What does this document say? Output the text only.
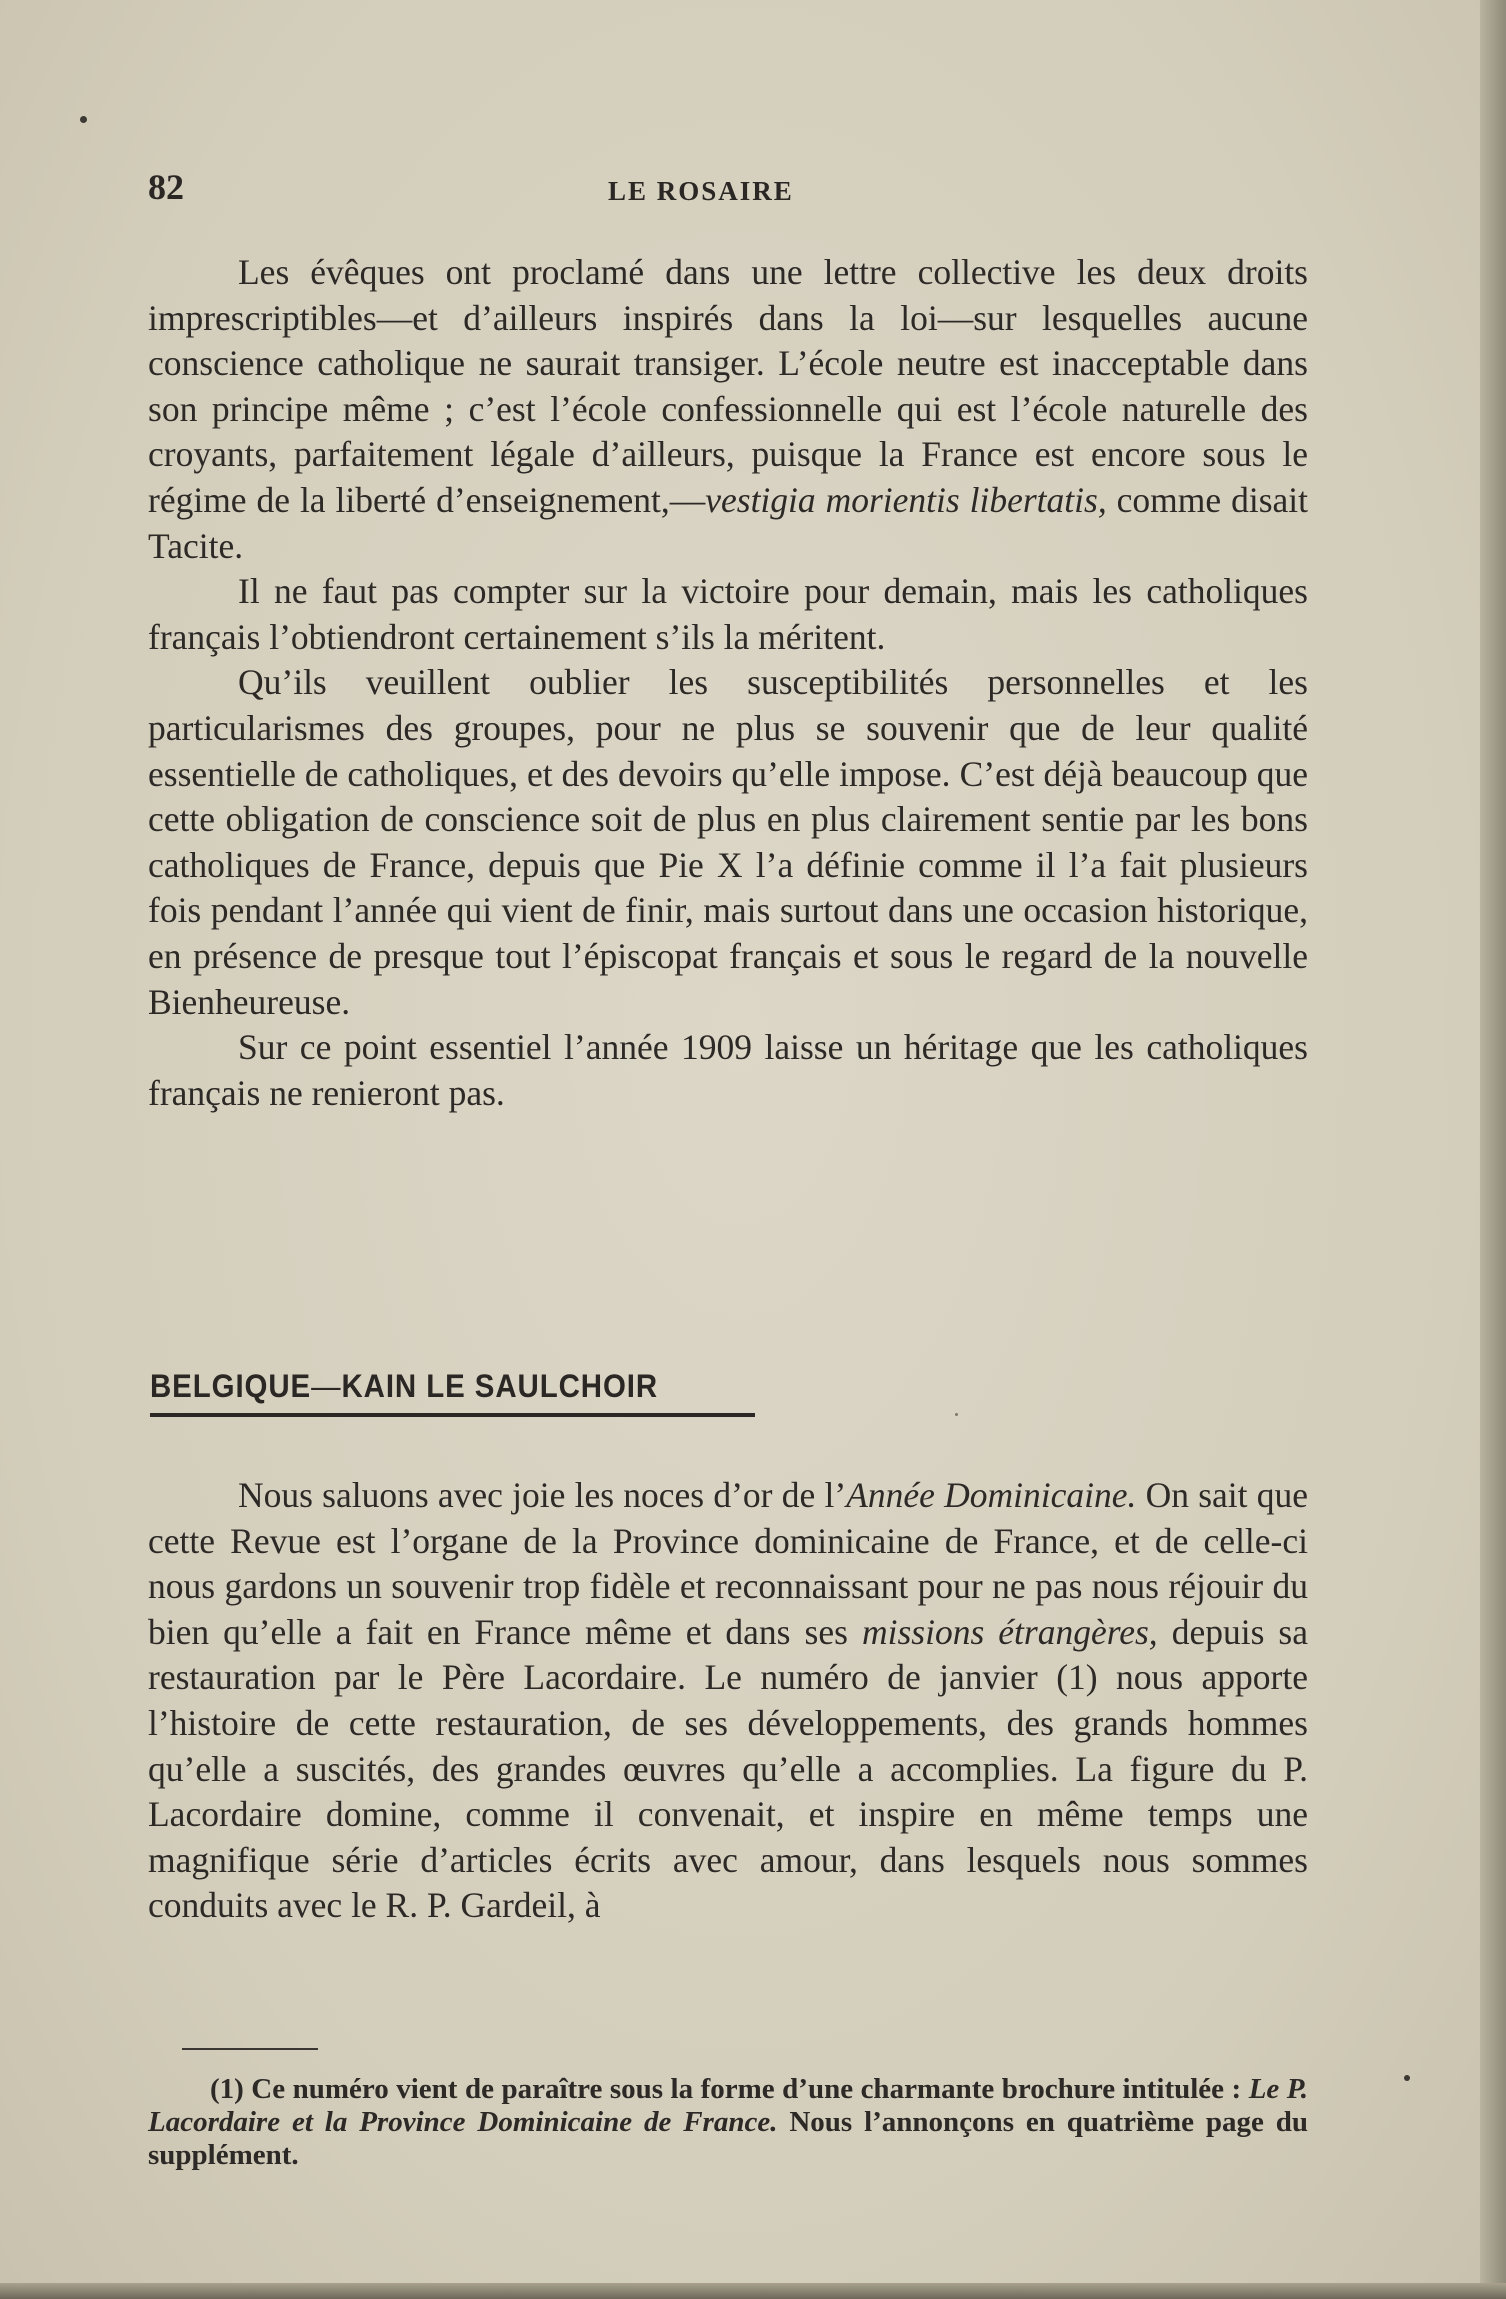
82	LE ROSAIRE

Les évêques ont proclamé dans une lettre collective les deux droits imprescriptibles—et d’ailleurs inspirés dans la loi—sur lesquelles aucune conscience catholique ne saurait transiger. L’école neutre est inacceptable dans son principe même ; c’est l’école confessionnelle qui est l’école naturelle des croyants, parfaitement légale d’ailleurs, puisque la France est encore sous le régime de la liberté d’enseignement,—vestigia morientis libertatis, comme disait Tacite.

Il ne faut pas compter sur la victoire pour demain, mais les catholiques français l’obtiendront certainement s’ils la méritent.

Qu’ils veuillent oublier les susceptibilités personnelles et les particularismes des groupes, pour ne plus se souvenir que de leur qualité essentielle de catholiques, et des devoirs qu’elle impose. C’est déjà beaucoup que cette obligation de conscience soit de plus en plus clairement sentie par les bons catholiques de France, depuis que Pie X l’a définie comme il l’a fait plusieurs fois pendant l’année qui vient de finir, mais surtout dans une occasion historique, en présence de presque tout l’épiscopat français et sous le regard de la nouvelle Bienheureuse.

Sur ce point essentiel l’année 1909 laisse un héritage que les catholiques français ne renieront pas.

BELGIQUE—KAIN LE SAULCHOIR

Nous saluons avec joie les noces d’or de l’Année Dominicaine. On sait que cette Revue est l’organe de la Province dominicaine de France, et de celle-ci nous gardons un souvenir trop fidèle et reconnaissant pour ne pas nous réjouir du bien qu’elle a fait en France même et dans ses missions étrangères, depuis sa restauration par le Père Lacordaire. Le numéro de janvier (1) nous apporte l’histoire de cette restauration, de ses développements, des grands hommes qu’elle a suscités, des grandes œuvres qu’elle a accomplies. La figure du P. Lacordaire domine, comme il convenait, et inspire en même temps une magnifique série d’articles écrits avec amour, dans lesquels nous sommes conduits avec le R. P. Gardeil, à

(1) Ce numéro vient de paraître sous la forme d’une charmante brochure intitulée : Le P. Lacordaire et la Province Dominicaine de France. Nous l’annonçons en quatrième page du supplément.
